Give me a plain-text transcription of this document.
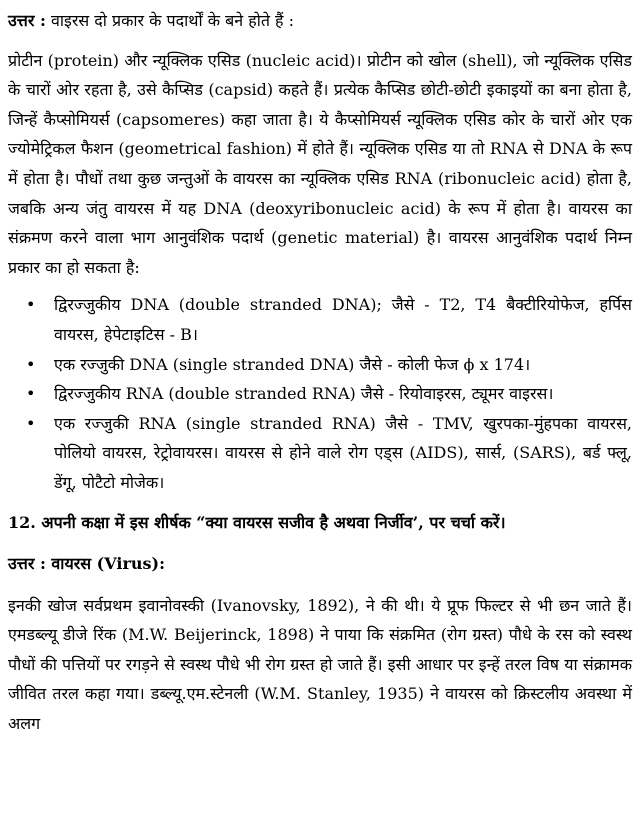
उत्तर : वाइरस दो प्रकार के पदार्थों के बने होते हैं :

प्रोटीन (protein) और न्यूक्लिक एसिड (nucleic acid)। प्रोटीन को खोल (shell), जो न्यूक्लिक एसिड के चारों ओर रहता है, उसे कैप्सिड (capsid) कहते हैं। प्रत्येक कैप्सिड छोटी-छोटी इकाइयों का बना होता है, जिन्हें कैप्सोमियर्स (capsomeres) कहा जाता है। ये कैप्सोमियर्स न्यूक्लिक एसिड कोर के चारों ओर एक ज्योमेट्रिकल फैशन (geometrical fashion) में होते हैं। न्यूक्लिक एसिड या तो RNA से DNA के रूप में होता है। पौधों तथा कुछ जन्तुओं के वायरस का न्यूक्लिक एसिड RNA (ribonucleic acid) होता है, जबकि अन्य जंतु वायरस में यह DNA (deoxyribonucleic acid) के रूप में होता है। वायरस का संक्रमण करने वाला भाग आनुवंशिक पदार्थ (genetic material) है। वायरस आनुवंशिक पदार्थ निम्न प्रकार का हो सकता है:

• द्विरज्जुकीय DNA (double stranded DNA); जैसे - T2, T4 बैक्टीरियोफेज, हर्पिस वायरस, हेपेटाइटिस - B।
• एक रज्जुकी DNA (single stranded DNA) जैसे - कोली फेज ϕ x 174।
• द्विरज्जुकीय RNA (double stranded RNA) जैसे - रियोवाइरस, ट्यूमर वाइरस।
• एक रज्जुकी RNA (single stranded RNA) जैसे - TMV, खुरपका-मुंहपका वायरस, पोलियो वायरस, रेट्रोवायरस। वायरस से होने वाले रोग एड्स (AIDS), सार्स, (SARS), बर्ड फ्लू, डेंगू, पोटैटो मोजेक।

12. अपनी कक्षा में इस शीर्षक “क्या वायरस सजीव है अथवा निर्जीव’, पर चर्चा करें।

उत्तर : वायरस (Virus):

इनकी खोज सर्वप्रथम इवानोवस्की (Ivanovsky, 1892), ने की थी। ये प्रूफ फिल्टर से भी छन जाते हैं। एमडब्ल्यू डीजे रिंक (M.W. Beijerinck, 1898) ने पाया कि संक्रमित (रोग ग्रस्त) पौधे के रस को स्वस्थ पौधों की पत्तियों पर रगड़ने से स्वस्थ पौधे भी रोग ग्रस्त हो जाते हैं। इसी आधार पर इन्हें तरल विष या संक्रामक जीवित तरल कहा गया। डब्ल्यू.एम.स्टेनली (W.M. Stanley, 1935) ने वायरस को क्रिस्टलीय अवस्था में अलग
